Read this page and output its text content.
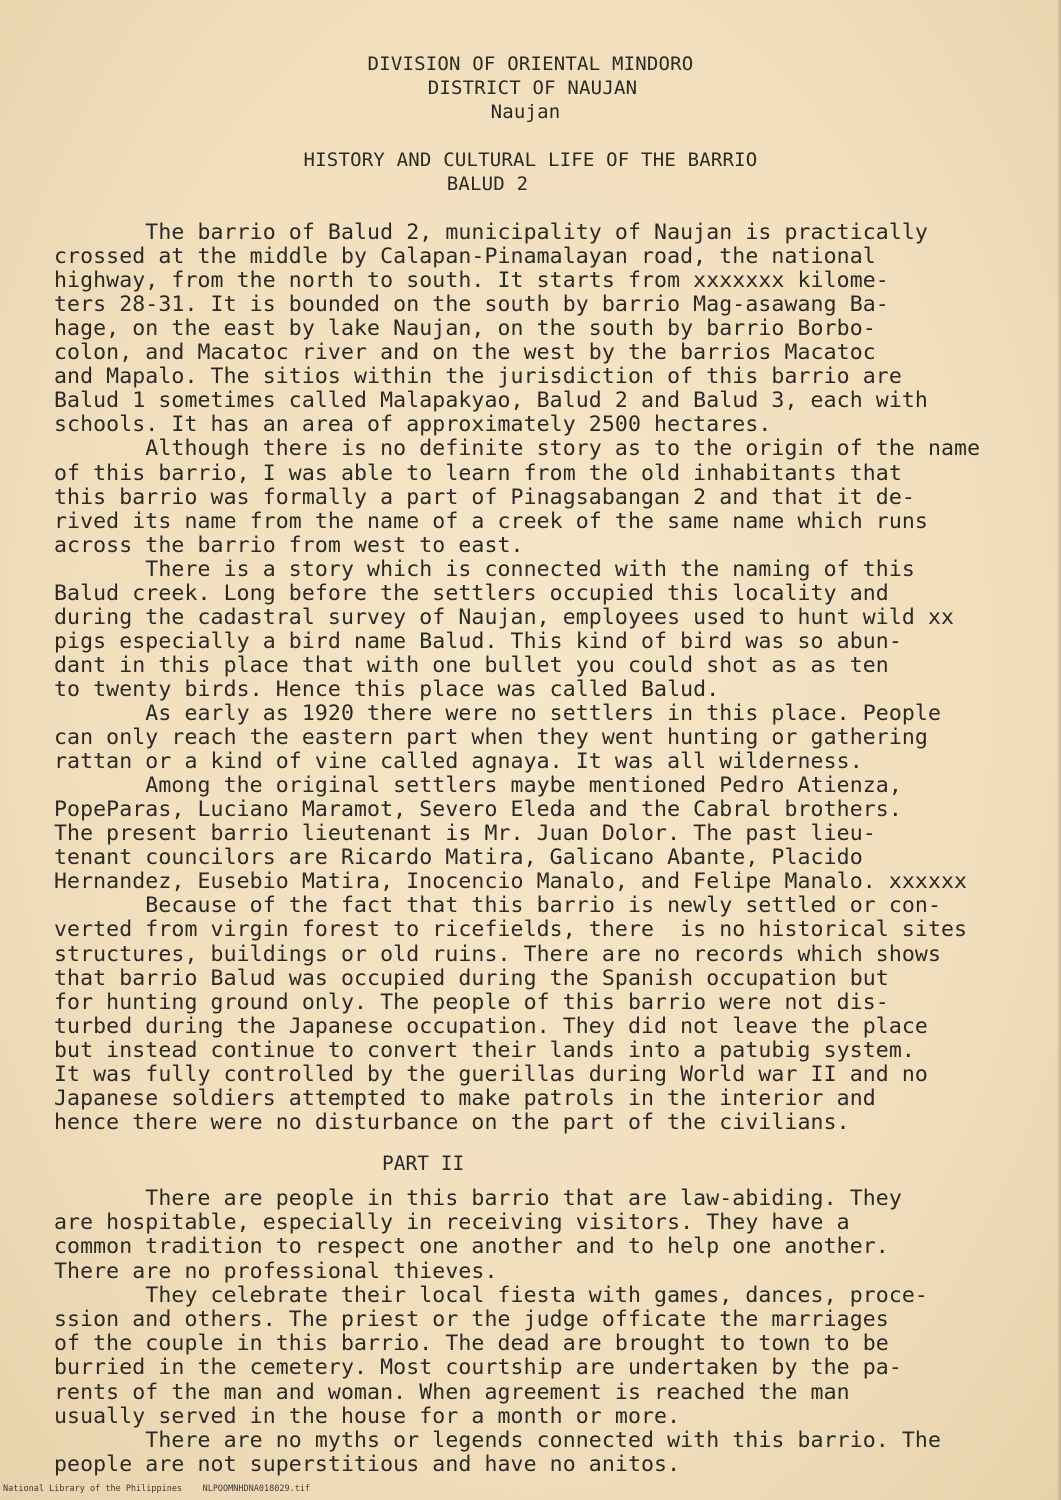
DIVISION OF ORIENTAL MINDORO
DISTRICT OF NAUJAN
Naujan
HISTORY AND CULTURAL LIFE OF THE BARRIO
BALUD 2
The barrio of Balud 2, municipality of Naujan is practically
crossed at the middle by Calapan-Pinamalayan road, the national
highway, from the north to south. It starts from xxxxxxx kilome-
ters 28-31. It is bounded on the south by barrio Mag-asawang Ba-
hage, on the east by lake Naujan, on the south by barrio Borbo-
colon, and Macatoc river and on the west by the barrios Macatoc
and Mapalo. The sitios within the jurisdiction of this barrio are
Balud 1 sometimes called Malapakyao, Balud 2 and Balud 3, each with
schools. It has an area of approximately 2500 hectares.
Although there is no definite story as to the origin of the name
of this barrio, I was able to learn from the old inhabitants that
this barrio was formally a part of Pinagsabangan 2 and that it de-
rived its name from the name of a creek of the same name which runs
across the barrio from west to east.
There is a story which is connected with the naming of this
Balud creek. Long before the settlers occupied this locality and
during the cadastral survey of Naujan, employees used to hunt wild xx
pigs especially a bird name Balud. This kind of bird was so abun-
dant in this place that with one bullet you could shot as as ten
to twenty birds. Hence this place was called Balud.
As early as 1920 there were no settlers in this place. People
can only reach the eastern part when they went hunting or gathering
rattan or a kind of vine called agnaya. It was all wilderness.
Among the original settlers maybe mentioned Pedro Atienza,
PopeParas, Luciano Maramot, Severo Eleda and the Cabral brothers.
The present barrio lieutenant is Mr. Juan Dolor. The past lieu-
tenant councilors are Ricardo Matira, Galicano Abante, Placido
Hernandez, Eusebio Matira, Inocencio Manalo, and Felipe Manalo. xxxxxx
Because of the fact that this barrio is newly settled or con-
verted from virgin forest to ricefields, there  is no historical sites
structures, buildings or old ruins. There are no records which shows
that barrio Balud was occupied during the Spanish occupation but
for hunting ground only. The people of this barrio were not dis-
turbed during the Japanese occupation. They did not leave the place
but instead continue to convert their lands into a patubig system.
It was fully controlled by the guerillas during World war II and no
Japanese soldiers attempted to make patrols in the interior and
hence there were no disturbance on the part of the civilians.
PART II
There are people in this barrio that are law-abiding. They
are hospitable, especially in receiving visitors. They have a
common tradition to respect one another and to help one another.
There are no professional thieves.
They celebrate their local fiesta with games, dances, proce-
ssion and others. The priest or the judge officate the marriages
of the couple in this barrio. The dead are brought to town to be
burried in the cemetery. Most courtship are undertaken by the pa-
rents of the man and woman. When agreement is reached the man
usually served in the house for a month or more.
There are no myths or legends connected with this barrio. The
people are not superstitious and have no anitos.
National Library of the Philippines    NLPOOMNHDNA018029.tif
